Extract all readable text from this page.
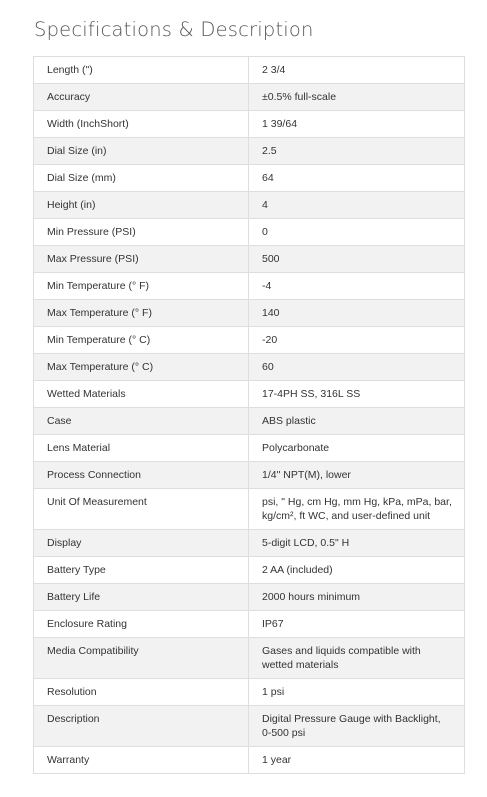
Specifications & Description
Length (")	2 3/4
Accuracy	±0.5% full-scale
Width (InchShort)	1 39/64
Dial Size (in)	2.5
Dial Size (mm)	64
Height (in)	4
Min Pressure (PSI)	0
Max Pressure (PSI)	500
Min Temperature (° F)	-4
Max Temperature (° F)	140
Min Temperature (° C)	-20
Max Temperature (° C)	60
Wetted Materials	17-4PH SS, 316L SS
Case	ABS plastic
Lens Material	Polycarbonate
Process Connection	1/4" NPT(M), lower
Unit Of Measurement	psi, " Hg, cm Hg, mm Hg, kPa, mPa, bar, kg/cm², ft WC, and user-defined unit
Display	5-digit LCD, 0.5" H
Battery Type	2 AA (included)
Battery Life	2000 hours minimum
Enclosure Rating	IP67
Media Compatibility	Gases and liquids compatible with wetted materials
Resolution	1 psi
Description	Digital Pressure Gauge with Backlight, 0-500 psi
Warranty	1 year
